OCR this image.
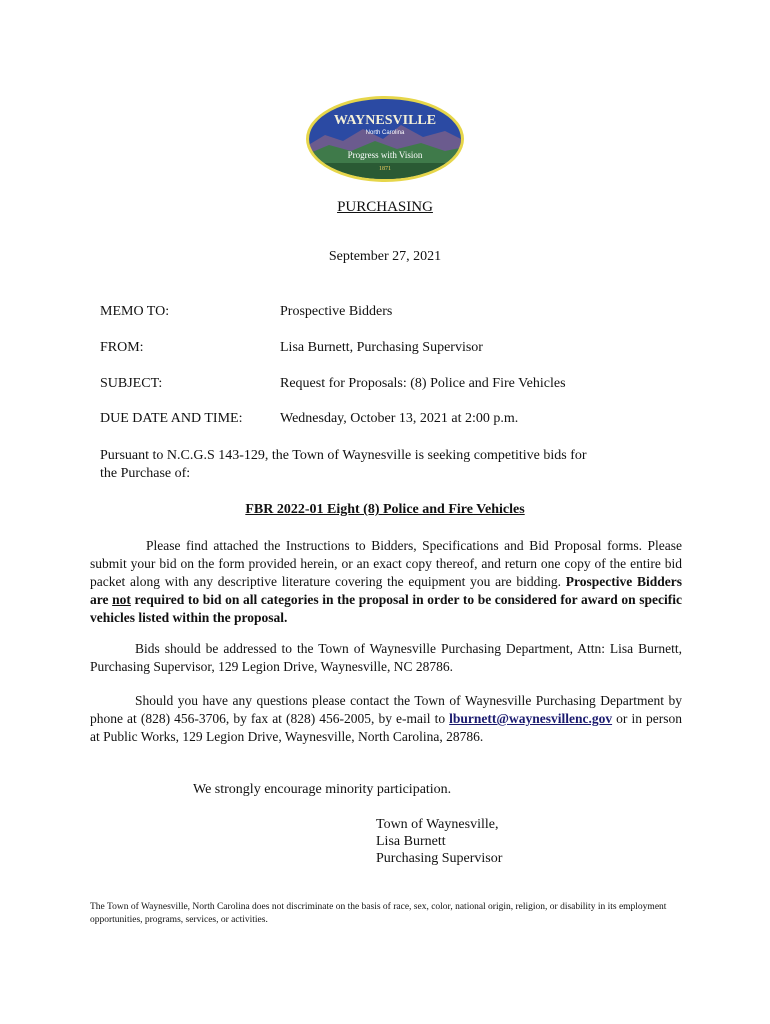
WAYNESVILLE
North Carolina
Progress with Vision
1871
PURCHASING
September 27, 2021
MEMO TO:	Prospective Bidders
FROM:	Lisa Burnett, Purchasing Supervisor
SUBJECT:	Request for Proposals: (8) Police and Fire Vehicles
DUE DATE AND TIME:	Wednesday, October 13, 2021 at 2:00 p.m.
Pursuant to N.C.G.S 143-129, the Town of Waynesville is seeking competitive bids for the Purchase of:
FBR 2022-01 Eight (8) Police and Fire Vehicles
Please find attached the Instructions to Bidders, Specifications and Bid Proposal forms. Please submit your bid on the form provided herein, or an exact copy thereof, and return one copy of the entire bid packet along with any descriptive literature covering the equipment you are bidding. Prospective Bidders are not required to bid on all categories in the proposal in order to be considered for award on specific vehicles listed within the proposal.
Bids should be addressed to the Town of Waynesville Purchasing Department, Attn: Lisa Burnett, Purchasing Supervisor, 129 Legion Drive, Waynesville, NC 28786.
Should you have any questions please contact the Town of Waynesville Purchasing Department by phone at (828) 456-3706, by fax at (828) 456-2005, by e-mail to lburnett@waynesvillenc.gov or in person at Public Works, 129 Legion Drive, Waynesville, North Carolina, 28786.
We strongly encourage minority participation.
Town of Waynesville,
Lisa Burnett
Purchasing Supervisor
The Town of Waynesville, North Carolina does not discriminate on the basis of race, sex, color, national origin, religion, or disability in its employment opportunities, programs, services, or activities.
